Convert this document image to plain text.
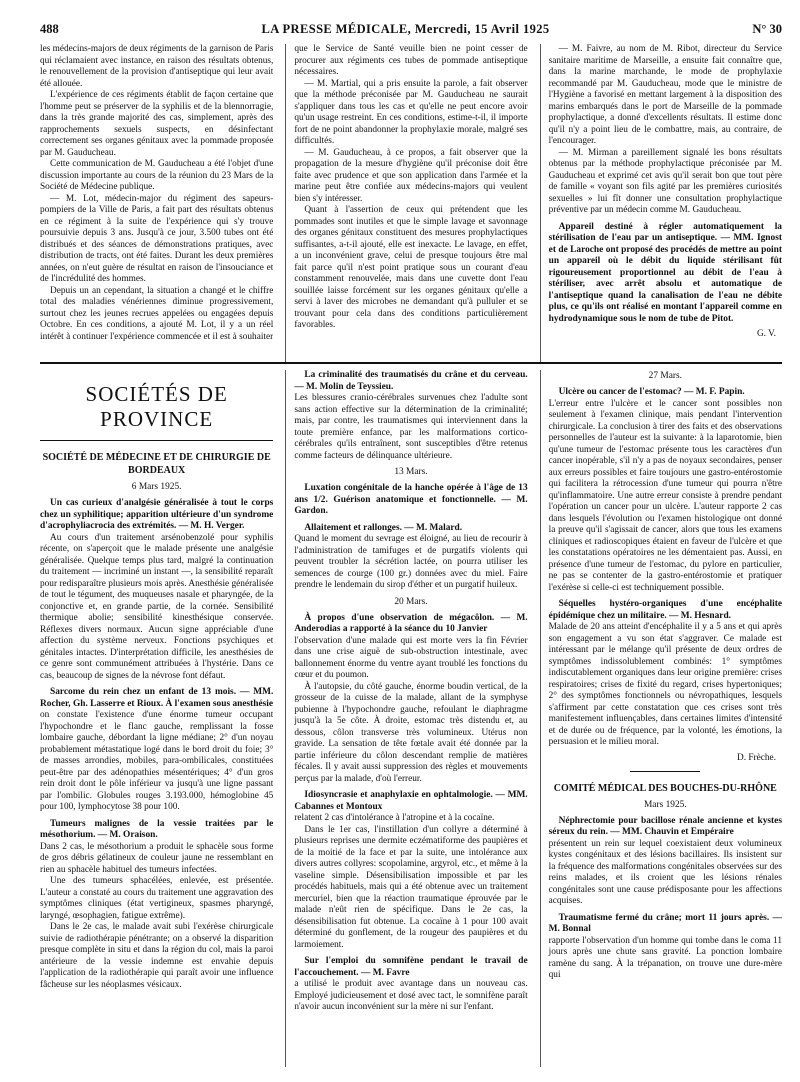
488	LA PRESSE MÉDICALE, Mercredi, 15 Avril 1925	N° 30

les médecins-majors de deux régiments de la garnison de Paris qui réclamaient avec instance, en raison des résultats obtenus, le renouvellement de la provision d'antiseptique qui leur avait été allouée.

L'expérience de ces régiments établit de façon certaine que l'homme peut se préserver de la syphilis et de la blennorragie, dans la très grande majorité des cas, simplement, après des rapprochements sexuels suspects, en désinfectant correctement ses organes génitaux avec la pommade proposée par M. Gauducheau.

Cette communication de M. Gauducheau a été l'objet d'une discussion importante au cours de la réunion du 23 Mars de la Société de Médecine publique.

— M. Lot, médecin-major du régiment des sapeurs-pompiers de la Ville de Paris, a fait part des résultats obtenus en ce régiment à la suite de l'expérience qui s'y trouve poursuivie depuis 3 ans. Jusqu'à ce jour, 3.500 tubes ont été distribués et des séances de démonstrations pratiques, avec distribution de tracts, ont été faites. Durant les deux premières années, on n'eut guère de résultat en raison de l'insouciance et de l'incrédulité des hommes.

Depuis un an cependant, la situation a changé et le chiffre total des maladies vénériennes diminue progressivement, surtout chez les jeunes recrues appelées ou engagées depuis Octobre. En ces conditions, a ajouté M. Lot, il y a un réel intérêt à continuer l'expérience commencée et il est à souhaiter

que le Service de Santé veuille bien ne point cesser de procurer aux régiments ces tubes de pommade antiseptique nécessaires.

— M. Martial, qui a pris ensuite la parole, a fait observer que la méthode préconisée par M. Gauducheau ne saurait s'appliquer dans tous les cas et qu'elle ne peut encore avoir qu'un usage restreint. En ces conditions, estime-t-il, il importe fort de ne point abandonner la prophylaxie morale, malgré ses difficultés.

— M. Gauducheau, à ce propos, a fait observer que la propagation de la mesure d'hygiène qu'il préconise doit être faite avec prudence et que son application dans l'armée et la marine peut être confiée aux médecins-majors qui veulent bien s'y intéresser.

Quant à l'assertion de ceux qui prétendent que les pommades sont inutiles et que le simple lavage et savonnage des organes génitaux constituent des mesures prophylactiques suffisantes, a-t-il ajouté, elle est inexacte. Le lavage, en effet, a un inconvénient grave, celui de presque toujours être mal fait parce qu'il n'est point pratique sous un courant d'eau constamment renouvelée, mais dans une cuvette dont l'eau souillée laisse forcément sur les organes génitaux qu'elle a servi à laver des microbes ne demandant qu'à pulluler et se trouvant pour cela dans des conditions particulièrement favorables.

— M. Faivre, au nom de M. Ribot, directeur du Service sanitaire maritime de Marseille, a ensuite fait connaître que, dans la marine marchande, le mode de prophylaxie recommandé par M. Gauducheau, mode que le ministre de l'Hygiène a favorisé en mettant largement à la disposition des marins embarqués dans le port de Marseille de la pommade prophylactique, a donné d'excellents résultats. Il estime donc qu'il n'y a point lieu de le combattre, mais, au contraire, de l'encourager.

— M. Mirman a pareillement signalé les bons résultats obtenus par la méthode prophylactique préconisée par M. Gauducheau et exprimé cet avis qu'il serait bon que tout père de famille « voyant son fils agité par les premières curiosités sexuelles » lui fît donner une consultation prophylactique préventive par un médecin comme M. Gauducheau.

Appareil destiné à régler automatiquement la stérilisation de l'eau par un antiseptique. — MM. Ignost et de Laroche ont proposé des procédés de mettre au point un appareil où le débit du liquide stérilisant fût rigoureusement proportionnel au débit de l'eau à stériliser, avec arrêt absolu et automatique de l'antiseptique quand la canalisation de l'eau ne débite plus, ce qu'ils ont réalisé en montant l'appareil comme en hydrodynamique sous le nom de tube de Pitot.
G. V.
SOCIÉTÉS DE PROVINCE
SOCIÉTÉ DE MÉDECINE ET DE CHIRURGIE DE BORDEAUX
6 Mars 1925.
Un cas curieux d'analgésie généralisée à tout le corps chez un syphilitique; apparition ultérieure d'un syndrome d'acrophyliacrocia des extrémités. — M. H. Verger.

Au cours d'un traitement arsénobenzolé pour syphilis récente, on s'aperçoit que le malade présente une analgésie généralisée. Quelque temps plus tard, malgré la continuation du traitement — incriminé un instant —, la sensibilité reparaît pour redisparaître plusieurs mois après. Anesthésie généralisée de tout le tégument, des muqueuses nasale et pharyngée, de la conjonctive et, en grande partie, de la cornée. Sensibilité thermique abolie; sensibilité kinesthésique conservée. Réflexes divers normaux. Aucun signe appréciable d'une affection du système nerveux. Fonctions psychiques et génitales intactes. D'interprétation difficile, les anesthésies de ce genre sont communément attribuées à l'hystérie. Dans ce cas, beaucoup de signes de la névrose font défaut.

Sarcome du rein chez un enfant de 13 mois. — MM. Rocher, Gh. Lasserre et Rioux. À l'examen sous anesthésie

on constate l'existence d'une énorme tumeur occupant l'hypochondre et le flanc gauche, remplissant la fosse lombaire gauche, débordant la ligne médiane; 2° d'un noyau probablement métastatique logé dans le bord droit du foie; 3° de masses arrondies, mobiles, para-ombilicales, constituées peut-être par des adénopathies mésentériques; 4° d'un gros rein droit dont le pôle inférieur va jusqu'à une ligne passant par l'ombilic. Globules rouges 3.193.000, hémoglobine 45 pour 100, lymphocytose 38 pour 100.

Tumeurs malignes de la vessie traitées par le mésothorium. — M. Oraison.

Dans 2 cas, le mésothorium a produit le sphacèle sous forme de gros débris gélatineux de couleur jaune ne ressemblant en rien au sphacèle habituel des tumeurs infectées.

Une des tumeurs sphacélées, enlevée, est présentée. L'auteur a constaté au cours du traitement une aggravation des symptômes cliniques (état vertigineux, spasmes pharyngé, laryngé, œsophagien, fatigue extrême).

Dans le 2e cas, le malade avait subi l'exérèse chirurgicale suivie de radiothérapie pénétrante; on a observé la disparition presque complète in situ et dans la région du col, mais la paroi antérieure de la vessie indemne est envahie depuis l'application de la radiothérapie qui paraît avoir une influence fâcheuse sur les néoplasmes vésicaux.

La criminalité des traumatisés du crâne et du cerveau. — M. Molin de Teyssieu.

Les blessures cranio-cérébrales survenues chez l'adulte sont sans action effective sur la détermination de la criminalité; mais, par contre, les traumatismes qui interviennent dans la toute première enfance, par les malformations cortico-cérébrales qu'ils entraînent, sont susceptibles d'être retenus comme facteurs de délinquance ultérieure.

13 Mars.
Luxation congénitale de la hanche opérée à l'âge de 13 ans 1/2. Guérison anatomique et fonctionnelle. — M. Gardon.
Allaitement et rallonges. — M. Malard.

Quand le moment du sevrage est éloigné, au lieu de recourir à l'administration de tamifuges et de purgatifs violents qui peuvent troubler la sécrétion lactée, on pourra utiliser les semences de courge (100 gr.) données avec du miel. Faire prendre le lendemain du sirop d'éther et un purgatif huileux.

20 Mars.
À propos d'une observation de mégacôlon. — M. Anderodias a rapporté à la séance du 10 Janvier

l'observation d'une malade qui est morte vers la fin Février dans une crise aiguë de sub-obstruction intestinale, avec ballonnement énorme du ventre ayant troublé les fonctions du cœur et du poumon.

À l'autopsie, du côté gauche, énorme boudin vertical, de la grosseur de la cuisse de la malade, allant de la symphyse pubienne à l'hypochondre gauche, refoulant le diaphragme jusqu'à la 5e côte. À droite, estomac très distendu et, au dessous, côlon transverse très volumineux. Utérus non gravide. La sensation de tête fœtale avait été donnée par la partie inférieure du côlon descendant remplie de matières fécales. Il y avait aussi suppression des règles et mouvements perçus par la malade, d'où l'erreur.

Idiosyncrasie et anaphylaxie en ophtalmologie. — MM. Cabannes et Montoux

relatent 2 cas d'intolérance à l'atropine et à la cocaïne.

Dans le 1er cas, l'instillation d'un collyre a déterminé à plusieurs reprises une dermite eczématiforme des paupières et de la moitié de la face et par la suite, une intolérance aux divers autres collyres: scopolamine, argyrol, etc., et même à la vaseline simple. Désensibilisation impossible et par les procédés habituels, mais qui a été obtenue avec un traitement mercuriel, bien que la réaction traumatique éprouvée par le malade n'eût rien de spécifique. Dans le 2e cas, la désensibilisation fut obtenue. La cocaïne à 1 pour 100 avait déterminé du gonflement, de la rougeur des paupières et du larmoiement.

Sur l'emploi du somnifène pendant le travail de l'accouchement. — M. Favre

a utilisé le produit avec avantage dans un nouveau cas. Employé judicieusement et dosé avec tact, le somnifène paraît n'avoir aucun inconvénient sur la mère ni sur l'enfant.

27 Mars.
Ulcère ou cancer de l'estomac? — M. F. Papin.

L'erreur entre l'ulcère et le cancer sont possibles non seulement à l'examen clinique, mais pendant l'intervention chirurgicale. La conclusion à tirer des faits et des observations personnelles de l'auteur est la suivante: à la laparotomie, bien qu'une tumeur de l'estomac présente tous les caractères d'un cancer inopérable, s'il n'y a pas de noyaux secondaires, penser aux erreurs possibles et faire toujours une gastro-entérostomie qui facilitera la rétrocession d'une tumeur qui pourra n'être qu'inflammatoire. Une autre erreur consiste à prendre pendant l'opération un cancer pour un ulcère. L'auteur rapporte 2 cas dans lesquels l'évolution ou l'examen histologique ont donné la preuve qu'il s'agissait de cancer, alors que tous les examens cliniques et radioscopiques étaient en faveur de l'ulcère et que les constatations opératoires ne les démentaient pas. Aussi, en présence d'une tumeur de l'estomac, du pylore en particulier, ne pas se contenter de la gastro-entérostomie et pratiquer l'exérèse si celle-ci est techniquement possible.

Séquelles hystéro-organiques d'une encéphalite épidémique chez un militaire. — M. Hesnard.

Malade de 20 ans atteint d'encéphalite il y a 5 ans et qui après son engagement a vu son état s'aggraver. Ce malade est intéressant par le mélange qu'il présente de deux ordres de symptômes indissolublement combinés: 1° symptômes indiscutablement organiques dans leur origine première: crises respiratoires; crises de fixité du regard, crises hypertoniques; 2° des symptômes fonctionnels ou névropathiques, lesquels s'affirment par cette constatation que ces crises sont très manifestement influençables, dans certaines limites d'intensité et de durée ou de fréquence, par la volonté, les émotions, la persuasion et le milieu moral.

D. Frèche.
COMITÉ MÉDICAL DES BOUCHES-DU-RHÔNE
Mars 1925.
Néphrectomie pour bacillose rénale ancienne et kystes séreux du rein. — MM. Chauvin et Empéraire

présentent un rein sur lequel coexistaient deux volumineux kystes congénitaux et des lésions bacillaires. Ils insistent sur la fréquence des malformations congénitales observées sur des reins malades, et ils croient que les lésions rénales congénitales sont une cause prédisposante pour les affections acquises.

Traumatisme fermé du crâne; mort 11 jours après. — M. Bonnal

rapporte l'observation d'un homme qui tombe dans le coma 11 jours après une chute sans gravité. La ponction lombaire ramène du sang. À la trépanation, on trouve une dure-mère qui
